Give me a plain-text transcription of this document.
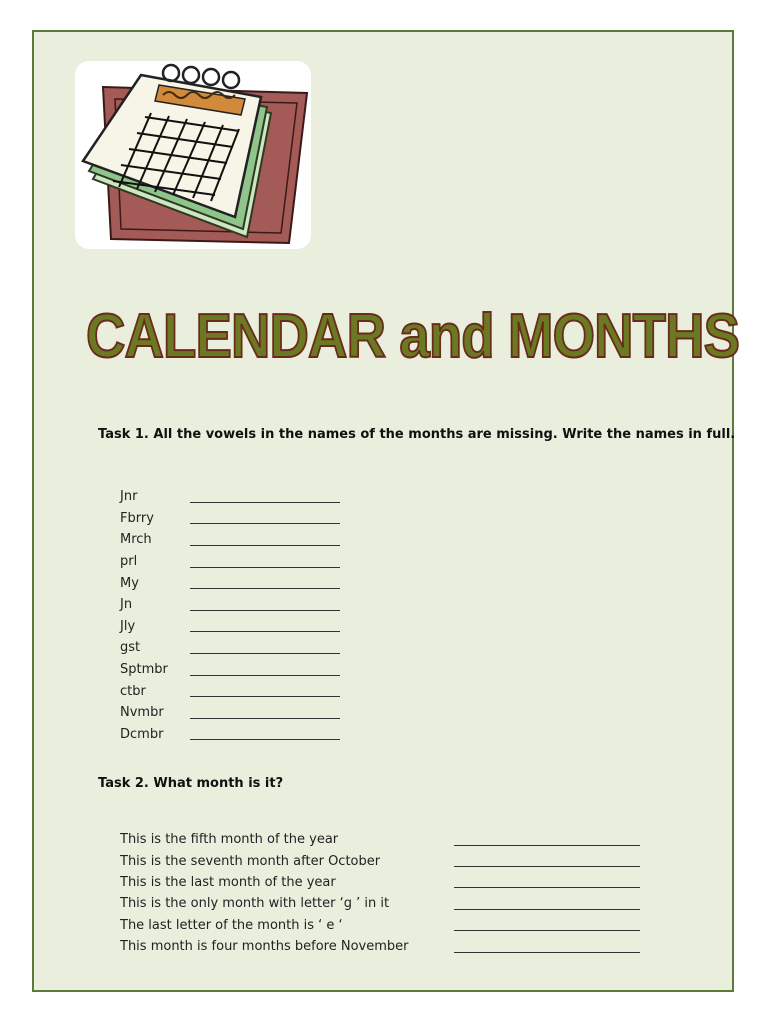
CALENDAR and MONTHS

Task 1. All the vowels in the names of the months are missing. Write the names in full.

Jnr
Fbrry
Mrch
prl
My
Jn
Jly
gst
Sptmbr
ctbr
Nvmbr
Dcmbr

Task 2. What month is it?

This is the fifth month of the year
This is the seventh month after October
This is the last month of the year
This is the only month with letter ‘g ’ in it
The last letter of the month is ‘ e ‘
This month is four months before November
